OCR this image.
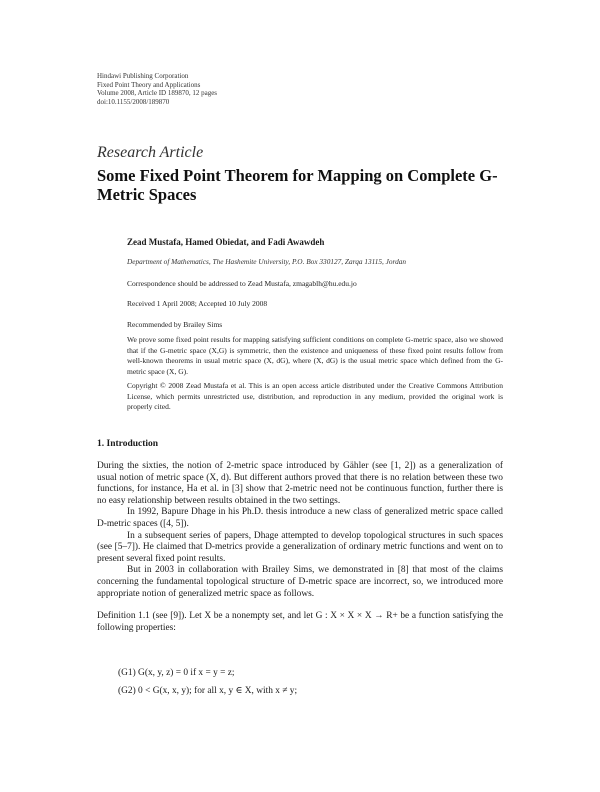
Hindawi Publishing Corporation
Fixed Point Theory and Applications
Volume 2008, Article ID 189870, 12 pages
doi:10.1155/2008/189870
Research Article
Some Fixed Point Theorem for Mapping on Complete G-Metric Spaces
Zead Mustafa, Hamed Obiedat, and Fadi Awawdeh
Department of Mathematics, The Hashemite University, P.O. Box 330127, Zarqa 13115, Jordan
Correspondence should be addressed to Zead Mustafa, zmagablh@hu.edu.jo
Received 1 April 2008; Accepted 10 July 2008
Recommended by Brailey Sims
We prove some fixed point results for mapping satisfying sufficient conditions on complete G-metric space, also we showed that if the G-metric space (X,G) is symmetric, then the existence and uniqueness of these fixed point results follow from well-known theorems in usual metric space (X, dG), where (X, dG) is the usual metric space which defined from the G-metric space (X, G).
Copyright © 2008 Zead Mustafa et al. This is an open access article distributed under the Creative Commons Attribution License, which permits unrestricted use, distribution, and reproduction in any medium, provided the original work is properly cited.
1. Introduction

During the sixties, the notion of 2-metric space introduced by Gähler (see [1, 2]) as a generalization of usual notion of metric space (X, d). But different authors proved that there is no relation between these two functions, for instance, Ha et al. in [3] show that 2-metric need not be continuous function, further there is no easy relationship between results obtained in the two settings.

In 1992, Bapure Dhage in his Ph.D. thesis introduce a new class of generalized metric space called D-metric spaces ([4, 5]).

In a subsequent series of papers, Dhage attempted to develop topological structures in such spaces (see [5–7]). He claimed that D-metrics provide a generalization of ordinary metric functions and went on to present several fixed point results.

But in 2003 in collaboration with Brailey Sims, we demonstrated in [8] that most of the claims concerning the fundamental topological structure of D-metric space are incorrect, so, we introduced more appropriate notion of generalized metric space as follows.

Definition 1.1 (see [9]). Let X be a nonempty set, and let G : X × X × X → R+ be a function satisfying the following properties:

(G1) G(x, y, z) = 0 if x = y = z;
(G2) 0 < G(x, x, y); for all x, y ∈ X, with x ≠ y;
